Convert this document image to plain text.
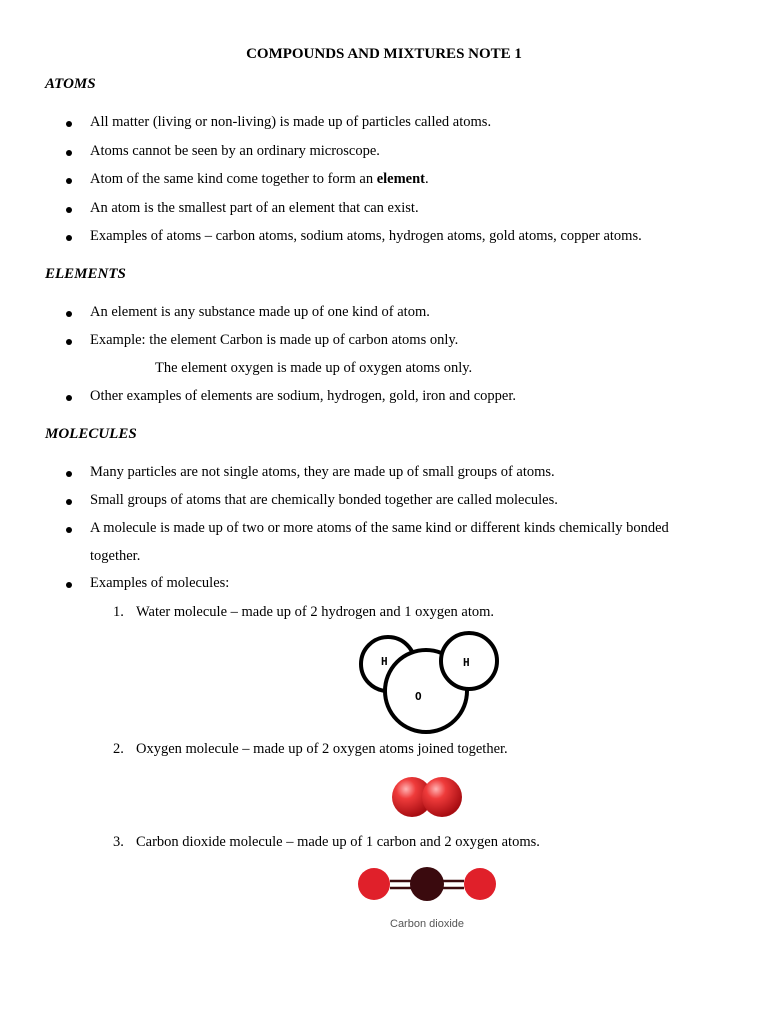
COMPOUNDS AND MIXTURES NOTE 1
ATOMS
All matter (living or non-living) is made up of particles called atoms.
Atoms cannot be seen by an ordinary microscope.
Atom of the same kind come together to form an element.
An atom is the smallest part of an element that can exist.
Examples of atoms – carbon atoms, sodium atoms, hydrogen atoms, gold atoms, copper atoms.
ELEMENTS
An element is any substance made up of one kind of atom.
Example: the element Carbon is made up of carbon atoms only.
The element oxygen is made up of oxygen atoms only.
Other examples of elements are sodium, hydrogen, gold, iron and copper.
MOLECULES
Many particles are not single atoms, they are made up of small groups of atoms.
Small groups of atoms that are chemically bonded together are called molecules.
A molecule is made up of two or more atoms of the same kind or different kinds chemically bonded
together.
Examples of molecules:
1. Water molecule – made up of 2 hydrogen and 1 oxygen atom.
H	H
O
2. Oxygen molecule – made up of 2 oxygen atoms joined together.
3. Carbon dioxide molecule – made up of 1 carbon and 2 oxygen atoms.
Carbon dioxide
